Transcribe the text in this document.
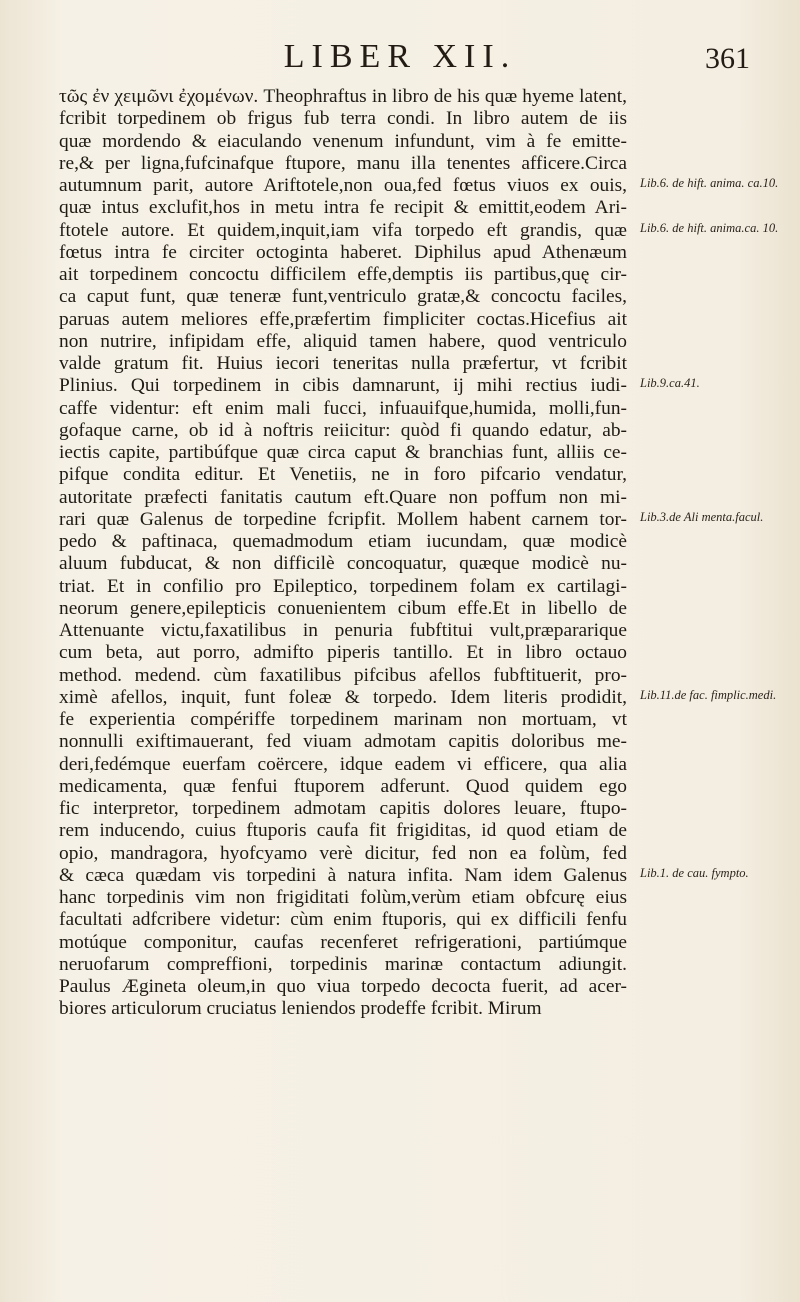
LIBER XII.	361
τῶς ἐν χειμῶνι ἐχομένων. Theophraftus in libro de his quæ hyeme latent,
fcribit torpedinem ob frigus fub terra condi. In libro autem de iis
quæ mordendo & eiaculando venenum infundunt, vim à fe emitte-
re,& per ligna,fufcinafque ftupore, manu illa tenentes afficere.Circa
autumnum parit, autore Ariftotele,non oua,fed fœtus viuos ex ouis,
quæ intus exclufit,hos in metu intra fe recipit & emittit,eodem Ari-
ftotele autore. Et quidem,inquit,iam vifa torpedo eft grandis, quæ
fœtus intra fe circiter octoginta haberet. Diphilus apud Athenæum
ait torpedinem concoctu difficilem effe,demptis iis partibus,quę cir-
ca caput funt, quæ teneræ funt,ventriculo gratæ,& concoctu faciles,
paruas autem meliores effe,præfertim fimpliciter coctas.Hicefius ait
non nutrire, infipidam effe, aliquid tamen habere, quod ventriculo
valde gratum fit. Huius iecori teneritas nulla præfertur, vt fcribit
Plinius. Qui torpedinem in cibis damnarunt, ij mihi rectius iudi-
caffe videntur: eft enim mali fucci, infuauifque,humida, molli,fun-
gofaque carne, ob id à noftris reiicitur: quòd fi quando edatur, ab-
iectis capite, partibúfque quæ circa caput & branchias funt, alliis ce-
pifque condita editur. Et Venetiis, ne in foro pifcario vendatur,
autoritate præfecti fanitatis cautum eft.Quare non poffum non mi-
rari quæ Galenus de torpedine fcripfit. Mollem habent carnem tor-
pedo & paftinaca, quemadmodum etiam iucundam, quæ modicè
aluum fubducat, & non difficilè concoquatur, quæque modicè nu-
triat. Et in confilio pro Epileptico, torpedinem folam ex cartilagi-
neorum genere,epilepticis conuenientem cibum effe.Et in libello de
Attenuante victu,faxatilibus in penuria fubftitui vult,præpararique
cum beta, aut porro, admifto piperis tantillo. Et in libro octauo
method. medend. cùm faxatilibus pifcibus afellos fubftituerit, pro-
ximè afellos, inquit, funt foleæ & torpedo. Idem literis prodidit,
fe experientia compériffe torpedinem marinam non mortuam, vt
nonnulli exiftimauerant, fed viuam admotam capitis doloribus me-
deri,fedémque euerfam coërcere, idque eadem vi efficere, qua alia
medicamenta, quæ fenfui ftuporem adferunt. Quod quidem ego
fic interpretor, torpedinem admotam capitis dolores leuare, ftupo-
rem inducendo, cuius ftuporis caufa fit frigiditas, id quod etiam de
opio, mandragora, hyofcyamo verè dicitur, fed non ea folùm, fed
& cæca quædam vis torpedini à natura infita. Nam idem Galenus
hanc torpedinis vim non frigiditati folùm,verùm etiam obfcurę eius
facultati adfcribere videtur: cùm enim ftuporis, qui ex difficili fenfu
motúque componitur, caufas recenferet refrigerationi, partiúmque
neruofarum compreffioni, torpedinis marinæ contactum adiungit.
Paulus Ægineta oleum,in quo viua torpedo decocta fuerit, ad acer-
biores articulorum cruciatus leniendos prodeffe fcribit. Mirum
Lib.6. de hift. anima. ca.10.
Lib.6. de hift. anima.ca. 10.
Lib.9.ca.41.
Lib.3.de Ali menta.facul.
Lib.11.de fac. fimplic.medi.
Lib.1. de cau. fympto.
